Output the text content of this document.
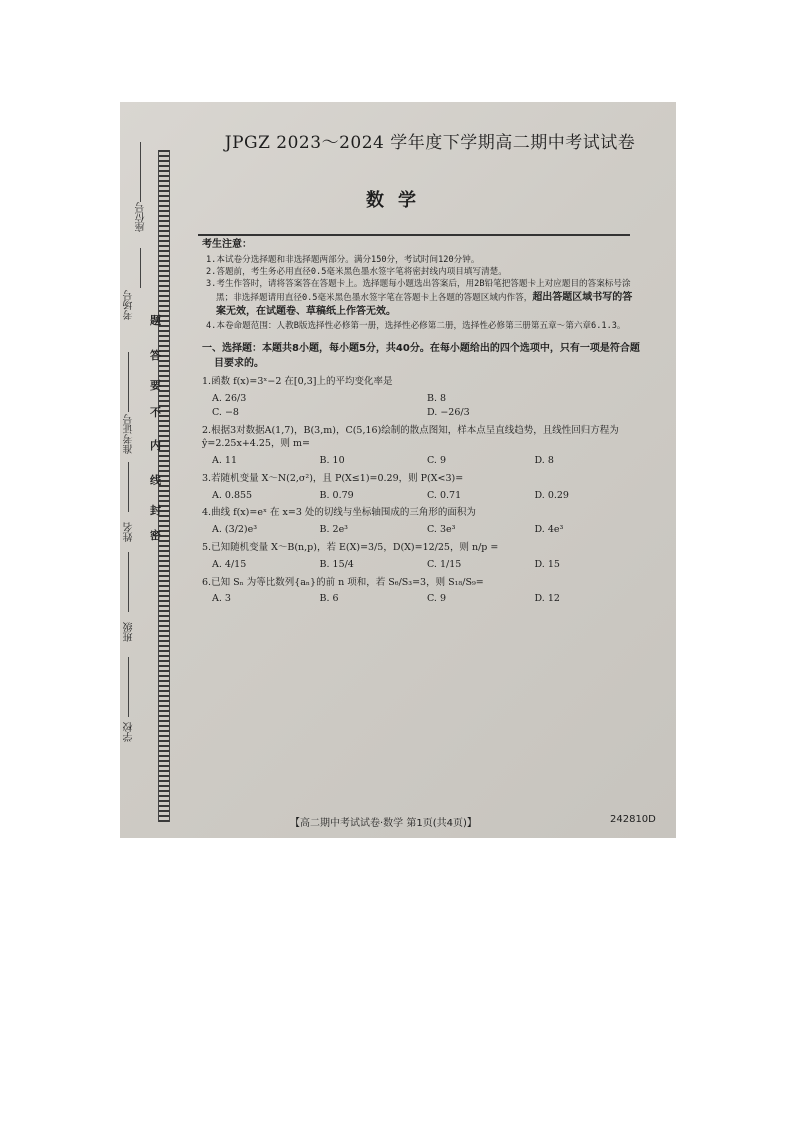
座位号
考场号
准考证号
姓名
班级
学校
题
答
要
不
内
线
封
密
JPGZ 2023～2024 学年度下学期高二期中考试试卷
数学
考生注意：
1.本试卷分选择题和非选择题两部分。满分150分，考试时间120分钟。
2.答题前，考生务必用直径0.5毫米黑色墨水签字笔将密封线内项目填写清楚。
3.考生作答时，请将答案答在答题卡上。选择题每小题选出答案后，用2B铅笔把答题卡上对应题目的答案标号涂黑；非选择题请用直径0.5毫米黑色墨水签字笔在答题卡上各题的答题区域内作答，超出答题区域书写的答案无效，在试题卷、草稿纸上作答无效。
4.本卷命题范围：人教B版选择性必修第一册，选择性必修第二册，选择性必修第三册第五章～第六章6.1.3。
一、选择题：本题共8小题，每小题5分，共40分。在每小题给出的四个选项中，只有一项是符合题目要求的。
1.函数 f(x)=3ˣ−2 在[0,3]上的平均变化率是
A. 26/3	B. 8
C. −8	D. −26/3
2.根据3对数据A(1,7)，B(3,m)，C(5,16)绘制的散点图知，样本点呈直线趋势，且线性回归方程为 ŷ=2.25x+4.25，则 m=
A. 11	B. 10	C. 9	D. 8
3.若随机变量 X～N(2,σ²)，且 P(X≤1)=0.29，则 P(X<3)=
A. 0.855	B. 0.79	C. 0.71	D. 0.29
4.曲线 f(x)=eˣ 在 x=3 处的切线与坐标轴围成的三角形的面积为
A. (3/2)e³	B. 2e³	C. 3e³	D. 4e³
5.已知随机变量 X～B(n,p)，若 E(X)=3/5，D(X)=12/25，则 n/p =
A. 4/15	B. 15/4	C. 1/15	D. 15
6.已知 Sₙ 为等比数列{aₙ}的前 n 项和，若 S₆/S₃=3，则 S₁₈/S₉=
A. 3	B. 6	C. 9	D. 12
【高二期中考试试卷·数学 第1页(共4页)】	242810D
